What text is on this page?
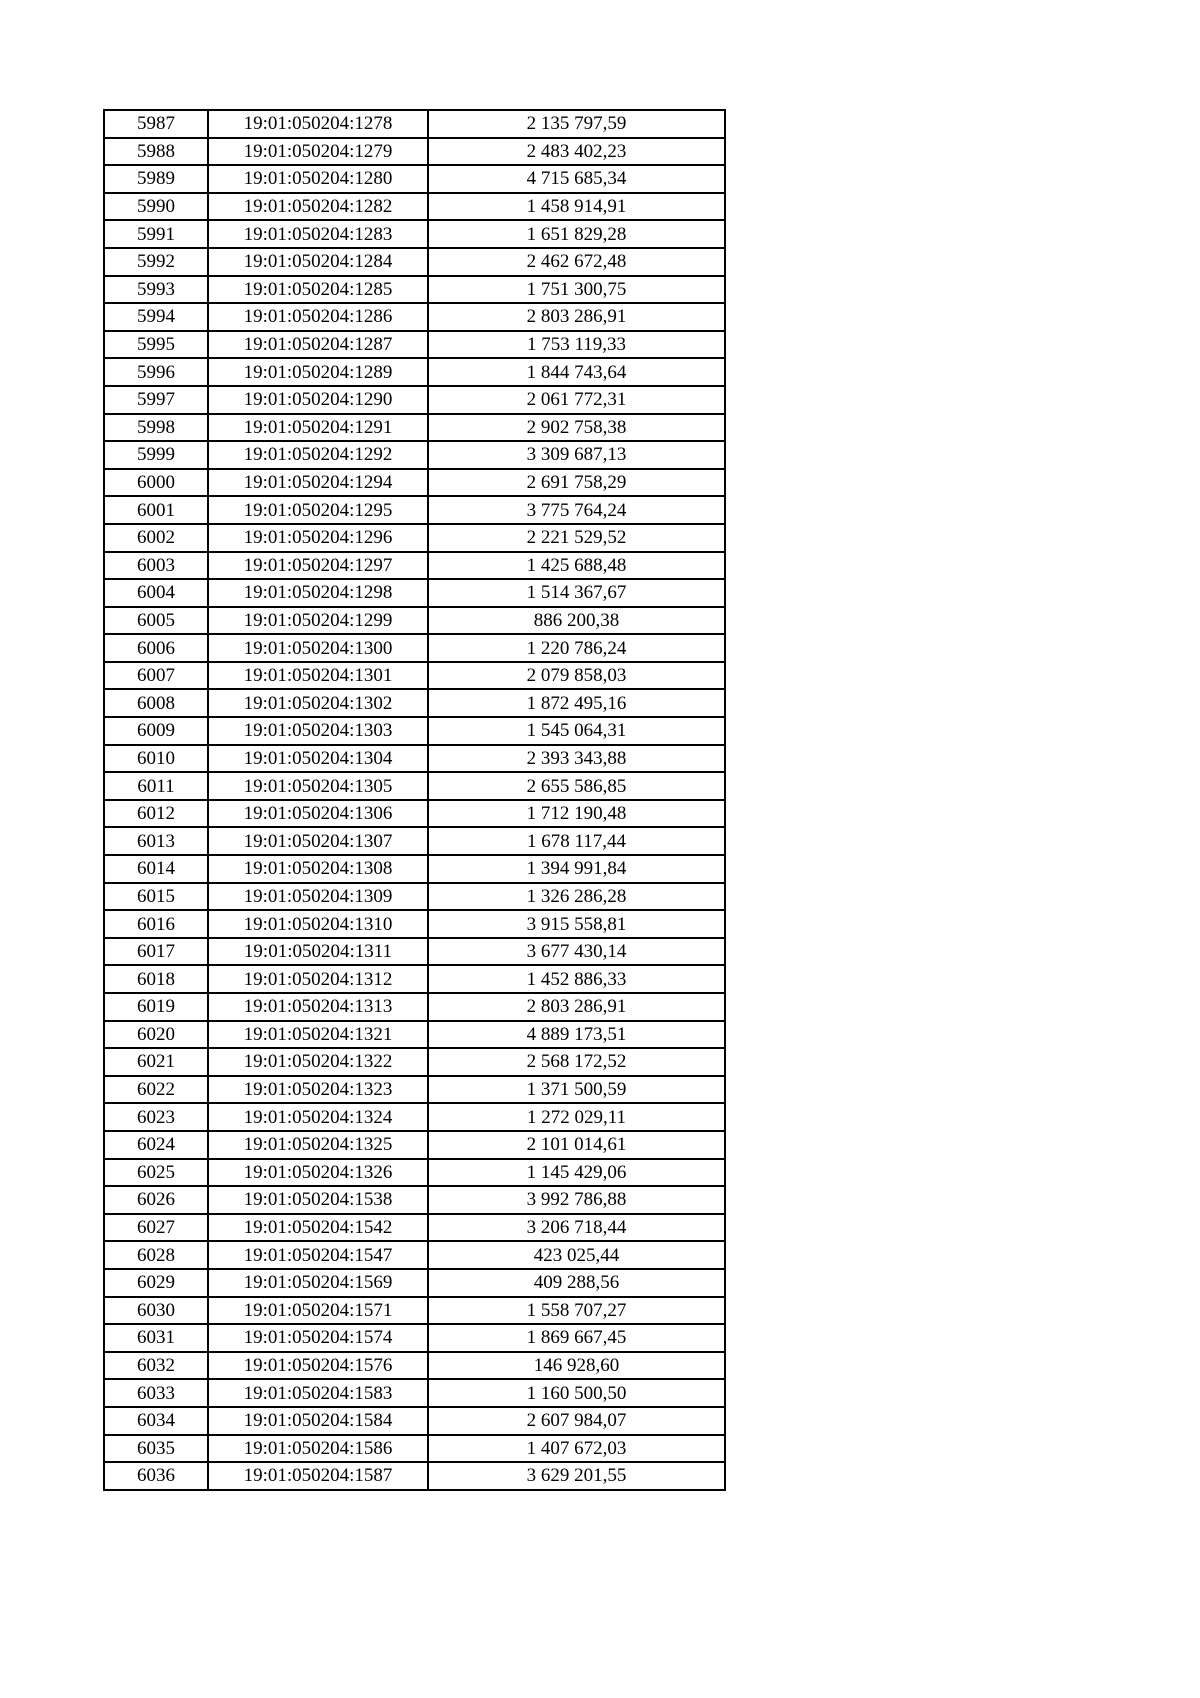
5987	19:01:050204:1278	2 135 797,59
5988	19:01:050204:1279	2 483 402,23
5989	19:01:050204:1280	4 715 685,34
5990	19:01:050204:1282	1 458 914,91
5991	19:01:050204:1283	1 651 829,28
5992	19:01:050204:1284	2 462 672,48
5993	19:01:050204:1285	1 751 300,75
5994	19:01:050204:1286	2 803 286,91
5995	19:01:050204:1287	1 753 119,33
5996	19:01:050204:1289	1 844 743,64
5997	19:01:050204:1290	2 061 772,31
5998	19:01:050204:1291	2 902 758,38
5999	19:01:050204:1292	3 309 687,13
6000	19:01:050204:1294	2 691 758,29
6001	19:01:050204:1295	3 775 764,24
6002	19:01:050204:1296	2 221 529,52
6003	19:01:050204:1297	1 425 688,48
6004	19:01:050204:1298	1 514 367,67
6005	19:01:050204:1299	886 200,38
6006	19:01:050204:1300	1 220 786,24
6007	19:01:050204:1301	2 079 858,03
6008	19:01:050204:1302	1 872 495,16
6009	19:01:050204:1303	1 545 064,31
6010	19:01:050204:1304	2 393 343,88
6011	19:01:050204:1305	2 655 586,85
6012	19:01:050204:1306	1 712 190,48
6013	19:01:050204:1307	1 678 117,44
6014	19:01:050204:1308	1 394 991,84
6015	19:01:050204:1309	1 326 286,28
6016	19:01:050204:1310	3 915 558,81
6017	19:01:050204:1311	3 677 430,14
6018	19:01:050204:1312	1 452 886,33
6019	19:01:050204:1313	2 803 286,91
6020	19:01:050204:1321	4 889 173,51
6021	19:01:050204:1322	2 568 172,52
6022	19:01:050204:1323	1 371 500,59
6023	19:01:050204:1324	1 272 029,11
6024	19:01:050204:1325	2 101 014,61
6025	19:01:050204:1326	1 145 429,06
6026	19:01:050204:1538	3 992 786,88
6027	19:01:050204:1542	3 206 718,44
6028	19:01:050204:1547	423 025,44
6029	19:01:050204:1569	409 288,56
6030	19:01:050204:1571	1 558 707,27
6031	19:01:050204:1574	1 869 667,45
6032	19:01:050204:1576	146 928,60
6033	19:01:050204:1583	1 160 500,50
6034	19:01:050204:1584	2 607 984,07
6035	19:01:050204:1586	1 407 672,03
6036	19:01:050204:1587	3 629 201,55
